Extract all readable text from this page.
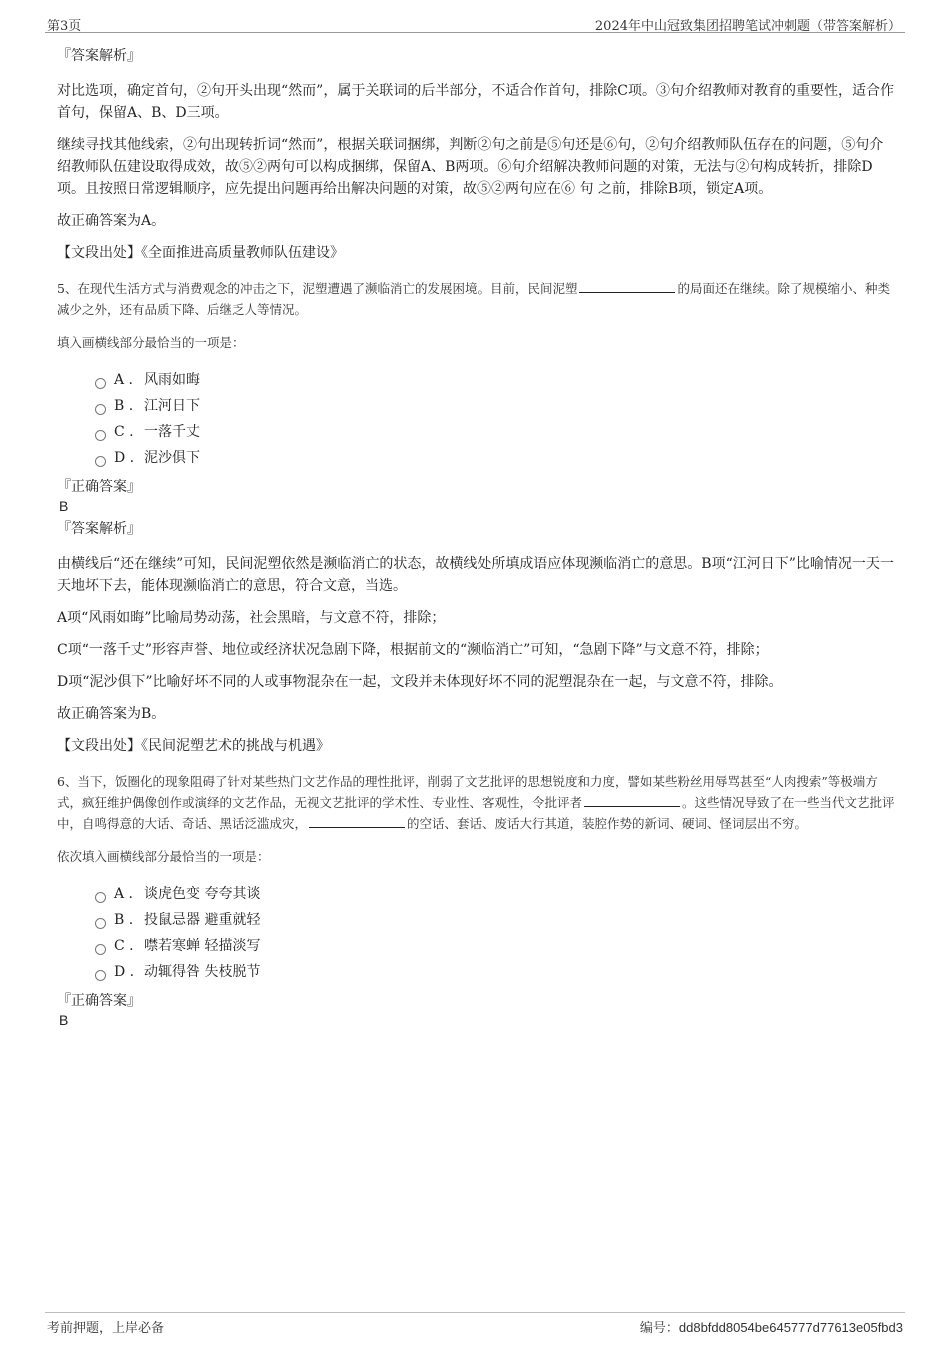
第3页	2024年中山冠致集团招聘笔试冲刺题（带答案解析）

『答案解析』

对比选项，确定首句，②句开头出现“然而”，属于关联词的后半部分，不适合作首句，排除C项。③句介绍教师对教育的重要性，适合作首句，保留A、B、D三项。

继续寻找其他线索，②句出现转折词“然而”，根据关联词捆绑，判断②句之前是⑤句还是⑥句，②句介绍教师队伍存在的问题，⑤句介绍教师队伍建设取得成效，故⑤②两句可以构成捆绑，保留A、B两项。⑥句介绍解决教师问题的对策，无法与②句构成转折，排除D项。且按照日常逻辑顺序，应先提出问题再给出解决问题的对策，故⑤②两句应在⑥ 句 之前，排除B项，锁定A项。

故正确答案为A。

【文段出处】《全面推进高质量教师队伍建设》

5、在现代生活方式与消费观念的冲击之下，泥塑遭遇了濒临消亡的发展困境。目前，民间泥塑	的局面还在继续。除了规模缩小、种类减少之外，还有品质下降、后继乏人等情况。

填入画横线部分最恰当的一项是：

A . 风雨如晦
B . 江河日下
C . 一落千丈
D . 泥沙俱下

『正确答案』

B

『答案解析』

由横线后“还在继续”可知，民间泥塑依然是濒临消亡的状态，故横线处所填成语应体现濒临消亡的意思。B项“江河日下”比喻情况一天一天地坏下去，能体现濒临消亡的意思，符合文意，当选。

A项“风雨如晦”比喻局势动荡，社会黑暗，与文意不符，排除；

C项“一落千丈”形容声誉、地位或经济状况急剧下降，根据前文的“濒临消亡”可知，“急剧下降”与文意不符，排除；

D项“泥沙俱下”比喻好坏不同的人或事物混杂在一起，文段并未体现好坏不同的泥塑混杂在一起，与文意不符，排除。

故正确答案为B。

【文段出处】《民间泥塑艺术的挑战与机遇》

6、当下，饭圈化的现象阻碍了针对某些热门文艺作品的理性批评，削弱了文艺批评的思想锐度和力度，譬如某些粉丝用辱骂甚至“人肉搜索”等极端方式，疯狂维护偶像创作或演绎的文艺作品，无视文艺批评的学术性、专业性、客观性，令批评者	。这些情况导致了在一些当代文艺批评中，自鸣得意的大话、奇话、黑话泛滥成灾，	的空话、套话、废话大行其道，装腔作势的新词、硬词、怪词层出不穷。

依次填入画横线部分最恰当的一项是：

A . 谈虎色变 夸夸其谈
B . 投鼠忌器 避重就轻
C . 噤若寒蝉 轻描淡写
D . 动辄得咎 失枝脱节

『正确答案』

B

考前押题，上岸必备	编号：dd8bfdd8054be645777d77613e05fbd3
